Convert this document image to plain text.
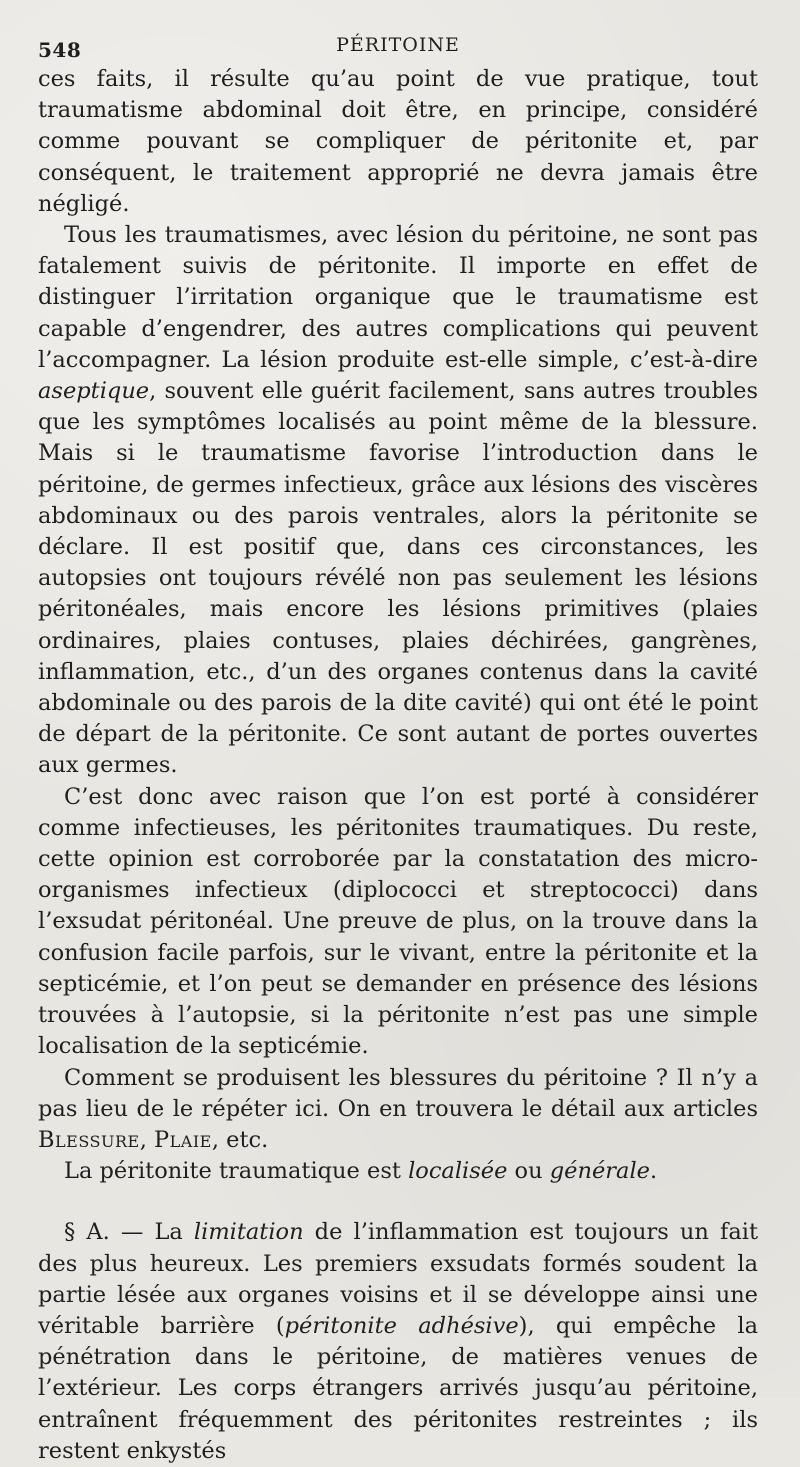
548	PÉRITOINE

ces faits, il résulte qu’au point de vue pratique, tout traumatisme abdominal doit être, en principe, considéré comme pouvant se compliquer de péritonite et, par conséquent, le traitement approprié ne devra jamais être négligé.

Tous les traumatismes, avec lésion du péritoine, ne sont pas fatalement suivis de péritonite. Il importe en effet de distinguer l’irritation organique que le traumatisme est capable d’engendrer, des autres complications qui peuvent l’accompagner. La lésion produite est-elle simple, c’est-à-dire aseptique, souvent elle guérit facilement, sans autres troubles que les symptômes localisés au point même de la blessure. Mais si le traumatisme favorise l’introduction dans le péritoine, de germes infectieux, grâce aux lésions des viscères abdominaux ou des parois ventrales, alors la péritonite se déclare. Il est positif que, dans ces circonstances, les autopsies ont toujours révélé non pas seulement les lésions péritonéales, mais encore les lésions primitives (plaies ordinaires, plaies contuses, plaies déchirées, gangrènes, inflammation, etc., d’un des organes contenus dans la cavité abdominale ou des parois de la dite cavité) qui ont été le point de départ de la péritonite. Ce sont autant de portes ouvertes aux germes.

C’est donc avec raison que l’on est porté à considérer comme infectieuses, les péritonites traumatiques. Du reste, cette opinion est corroborée par la constatation des micro-organismes infectieux (diplococci et streptococci) dans l’exsudat péritonéal. Une preuve de plus, on la trouve dans la confusion facile parfois, sur le vivant, entre la péritonite et la septicémie, et l’on peut se demander en présence des lésions trouvées à l’autopsie, si la péritonite n’est pas une simple localisation de la septicémie.

Comment se produisent les blessures du péritoine ? Il n’y a pas lieu de le répéter ici. On en trouvera le détail aux articles Blessure, Plaie, etc.

La péritonite traumatique est localisée ou générale.

§ A. — La limitation de l’inflammation est toujours un fait des plus heureux. Les premiers exsudats formés soudent la partie lésée aux organes voisins et il se développe ainsi une véritable barrière (péritonite adhésive), qui empêche la pénétration dans le péritoine, de matières venues de l’extérieur. Les corps étrangers arrivés jusqu’au péritoine, entraînent fréquemment des péritonites restreintes ; ils restent enkystés
